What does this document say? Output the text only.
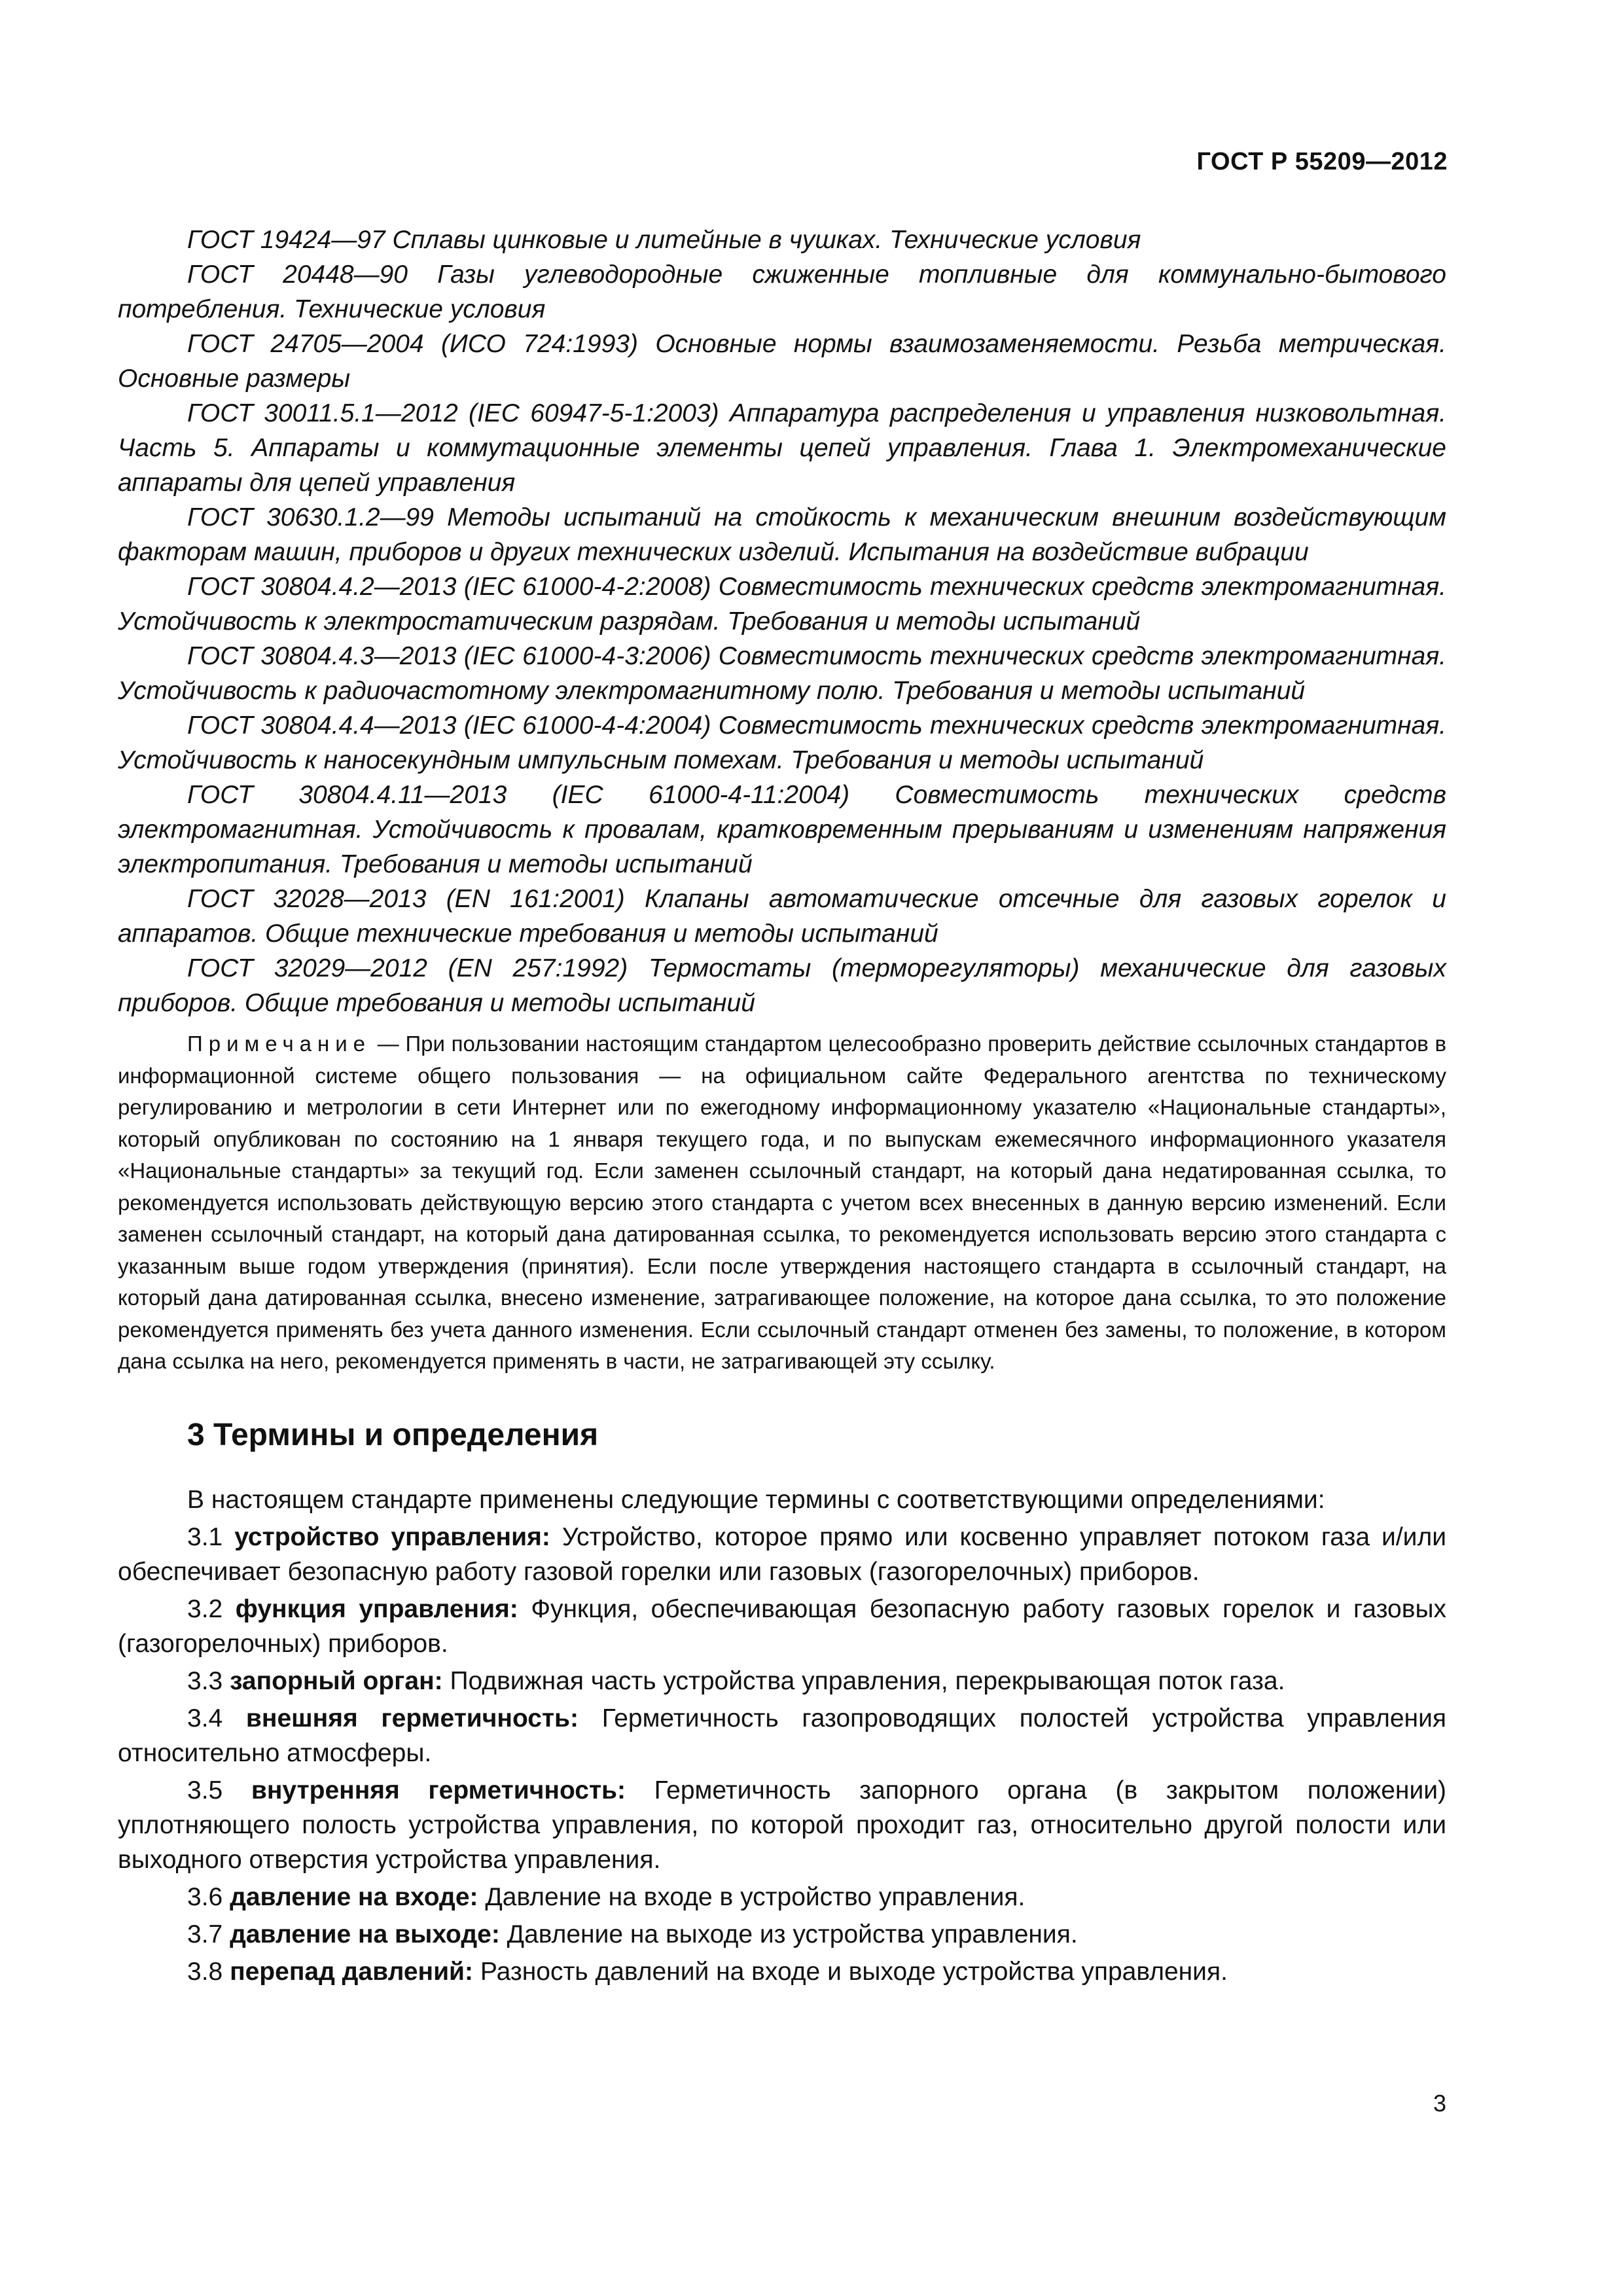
ГОСТ Р 55209—2012

ГОСТ 19424—97 Сплавы цинковые и литейные в чушках. Технические условия

ГОСТ 20448—90 Газы углеводородные сжиженные топливные для коммунально-бытового потребления. Технические условия

ГОСТ 24705—2004 (ИСО 724:1993) Основные нормы взаимозаменяемости. Резьба метрическая. Основные размеры

ГОСТ 30011.5.1—2012 (IEC 60947-5-1:2003) Аппаратура распределения и управления низковольтная. Часть 5. Аппараты и коммутационные элементы цепей управления. Глава 1. Электромеханические аппараты для цепей управления

ГОСТ 30630.1.2—99 Методы испытаний на стойкость к механическим внешним воздействующим факторам машин, приборов и других технических изделий. Испытания на воздействие вибрации

ГОСТ 30804.4.2—2013 (IEC 61000-4-2:2008) Совместимость технических средств электромагнитная. Устойчивость к электростатическим разрядам. Требования и методы испытаний

ГОСТ 30804.4.3—2013 (IEC 61000-4-3:2006) Совместимость технических средств электромагнитная. Устойчивость к радиочастотному электромагнитному полю. Требования и методы испытаний

ГОСТ 30804.4.4—2013 (IEC 61000-4-4:2004) Совместимость технических средств электромагнитная. Устойчивость к наносекундным импульсным помехам. Требования и методы испытаний

ГОСТ 30804.4.11—2013 (IEC 61000-4-11:2004) Совместимость технических средств электромагнитная. Устойчивость к провалам, кратковременным прерываниям и изменениям напряжения электропитания. Требования и методы испытаний

ГОСТ 32028—2013 (EN 161:2001) Клапаны автоматические отсечные для газовых горелок и аппаратов. Общие технические требования и методы испытаний

ГОСТ 32029—2012 (EN 257:1992) Термостаты (терморегуляторы) механические для газовых приборов. Общие требования и методы испытаний

Примечание — При пользовании настоящим стандартом целесообразно проверить действие ссылочных стандартов в информационной системе общего пользования — на официальном сайте Федерального агентства по техническому регулированию и метрологии в сети Интернет или по ежегодному информационному указателю «Национальные стандарты», который опубликован по состоянию на 1 января текущего года, и по выпускам ежемесячного информационного указателя «Национальные стандарты» за текущий год. Если заменен ссылочный стандарт, на который дана недатированная ссылка, то рекомендуется использовать действующую версию этого стандарта с учетом всех внесенных в данную версию изменений. Если заменен ссылочный стандарт, на который дана датированная ссылка, то рекомендуется использовать версию этого стандарта с указанным выше годом утверждения (принятия). Если после утверждения настоящего стандарта в ссылочный стандарт, на который дана датированная ссылка, внесено изменение, затрагивающее положение, на которое дана ссылка, то это положение рекомендуется применять без учета данного изменения. Если ссылочный стандарт отменен без замены, то положение, в котором дана ссылка на него, рекомендуется применять в части, не затрагивающей эту ссылку.

3 Термины и определения

В настоящем стандарте применены следующие термины с соответствующими определениями:

3.1 устройство управления: Устройство, которое прямо или косвенно управляет потоком газа и/или обеспечивает безопасную работу газовой горелки или газовых (газогорелочных) приборов.

3.2 функция управления: Функция, обеспечивающая безопасную работу газовых горелок и газовых (газогорелочных) приборов.

3.3 запорный орган: Подвижная часть устройства управления, перекрывающая поток газа.

3.4 внешняя герметичность: Герметичность газопроводящих полостей устройства управления относительно атмосферы.

3.5 внутренняя герметичность: Герметичность запорного органа (в закрытом положении) уплотняющего полость устройства управления, по которой проходит газ, относительно другой полости или выходного отверстия устройства управления.

3.6 давление на входе: Давление на входе в устройство управления.

3.7 давление на выходе: Давление на выходе из устройства управления.

3.8 перепад давлений: Разность давлений на входе и выходе устройства управления.

3
